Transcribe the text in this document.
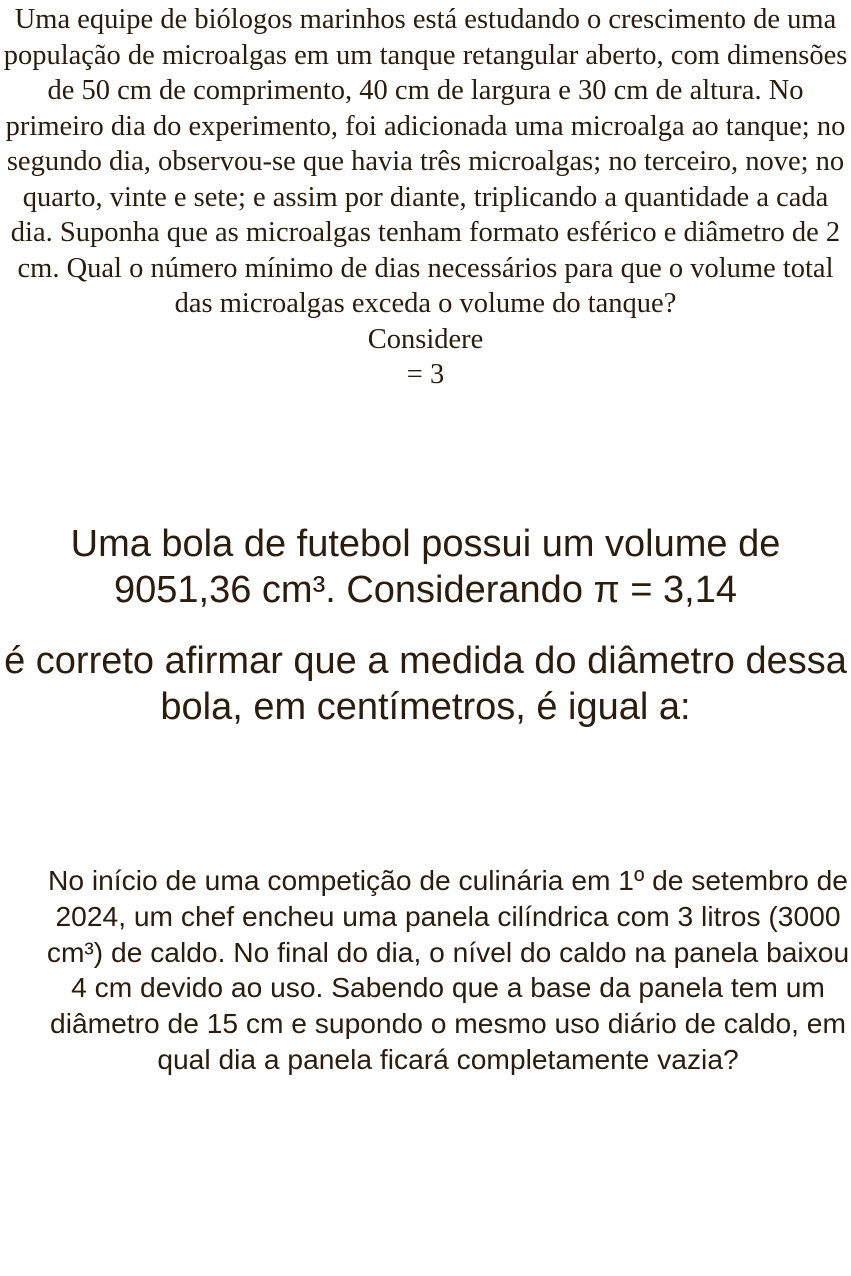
Uma equipe de biólogos marinhos está estudando o crescimento de uma população de microalgas em um tanque retangular aberto, com dimensões de 50 cm de comprimento, 40 cm de largura e 30 cm de altura. No primeiro dia do experimento, foi adicionada uma microalga ao tanque; no segundo dia, observou-se que havia três microalgas; no terceiro, nove; no quarto, vinte e sete; e assim por diante, triplicando a quantidade a cada dia. Suponha que as microalgas tenham formato esférico e diâmetro de 2 cm. Qual o número mínimo de dias necessários para que o volume total das microalgas exceda o volume do tanque?

Considere

= 3

Uma bola de futebol possui um volume de 9051,36 cm³. Considerando π = 3,14

é correto afirmar que a medida do diâmetro dessa bola, em centímetros, é igual a:

No início de uma competição de culinária em 1º de setembro de 2024, um chef encheu uma panela cilíndrica com 3 litros (3000 cm³) de caldo. No final do dia, o nível do caldo na panela baixou 4 cm devido ao uso. Sabendo que a base da panela tem um diâmetro de 15 cm e supondo o mesmo uso diário de caldo, em qual dia a panela ficará completamente vazia?
